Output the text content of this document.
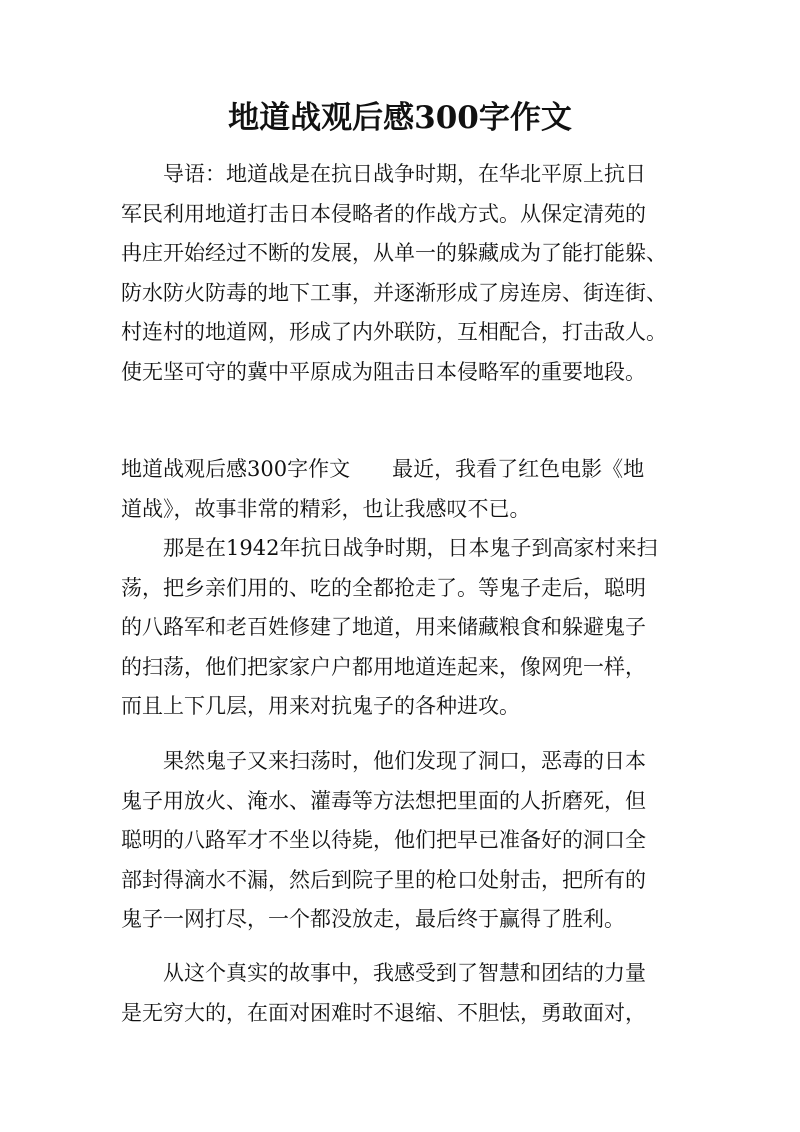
地道战观后感300字作文
导语：地道战是在抗日战争时期，在华北平原上抗日
军民利用地道打击日本侵略者的作战方式。从保定清苑的
冉庄开始经过不断的发展，从单一的躲藏成为了能打能躲、
防水防火防毒的地下工事，并逐渐形成了房连房、街连街、
村连村的地道网，形成了内外联防，互相配合，打击敌人。
使无坚可守的冀中平原成为阻击日本侵略军的重要地段。
地道战观后感300字作文 最近，我看了红色电影《地
道战》，故事非常的精彩，也让我感叹不已。
那是在1942年抗日战争时期，日本鬼子到高家村来扫
荡，把乡亲们用的、吃的全都抢走了。等鬼子走后，聪明
的八路军和老百姓修建了地道，用来储藏粮食和躲避鬼子
的扫荡，他们把家家户户都用地道连起来，像网兜一样，
而且上下几层，用来对抗鬼子的各种进攻。
果然鬼子又来扫荡时，他们发现了洞口，恶毒的日本
鬼子用放火、淹水、灌毒等方法想把里面的人折磨死，但
聪明的八路军才不坐以待毙，他们把早已准备好的洞口全
部封得滴水不漏，然后到院子里的枪口处射击，把所有的
鬼子一网打尽，一个都没放走，最后终于赢得了胜利。
从这个真实的故事中，我感受到了智慧和团结的力量
是无穷大的，在面对困难时不退缩、不胆怯，勇敢面对，
